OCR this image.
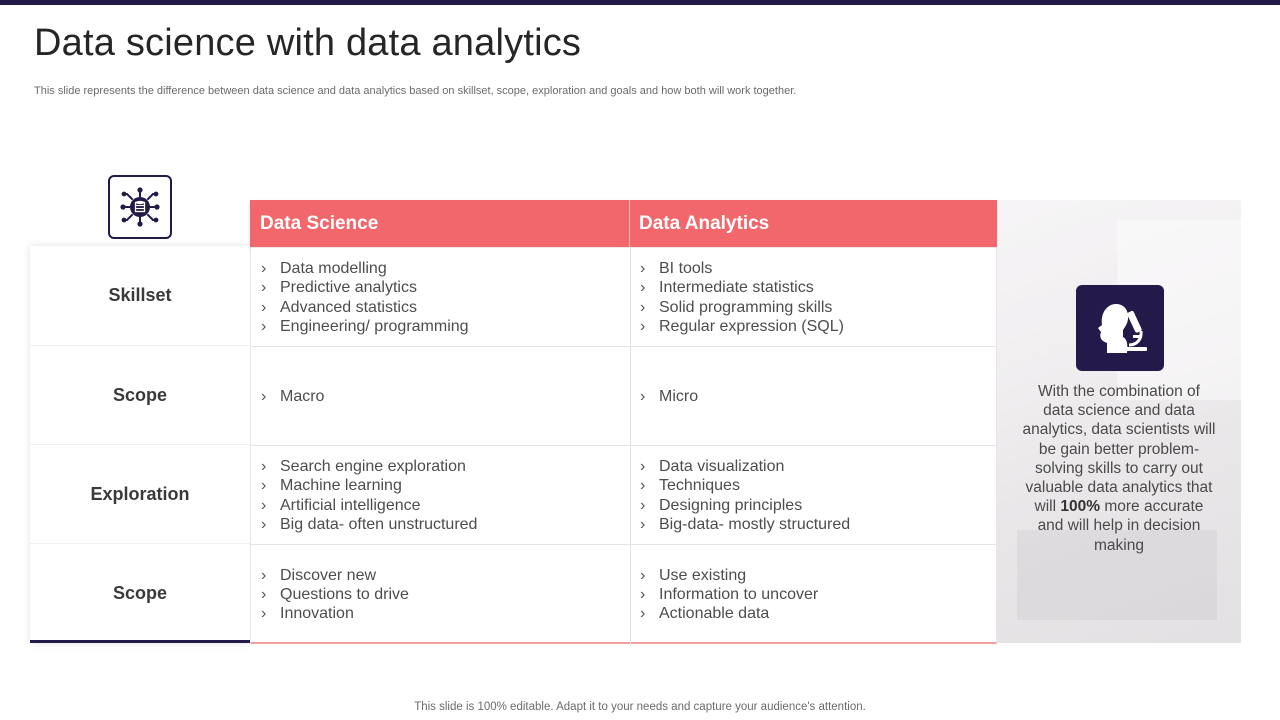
Data science with data analytics

This slide represents the difference between data science and data analytics based on skillset, scope, exploration and goals and how both will work together.

Skillset
Scope
Exploration
Scope
Data Science	Data Analytics
› Data modelling
› Predictive analytics
› Advanced statistics
› Engineering/ programming
› BI tools
› Intermediate statistics
› Solid programming skills
› Regular expression (SQL)
› Macro
›	Micro
› Search engine exploration
› Machine learning
› Artificial intelligence
› Big data- often unstructured
› Data visualization
› Techniques
› Designing principles
› Big-data- mostly structured
› Discover new
› Questions to drive
› Innovation
› Use existing
› Information to uncover
› Actionable data

With the combination of data science and data analytics, data scientists will be gain better problem-solving skills to carry out valuable data analytics that will 100% more accurate and will help in decision making

This slide is 100% editable. Adapt it to your needs and capture your audience's attention.
